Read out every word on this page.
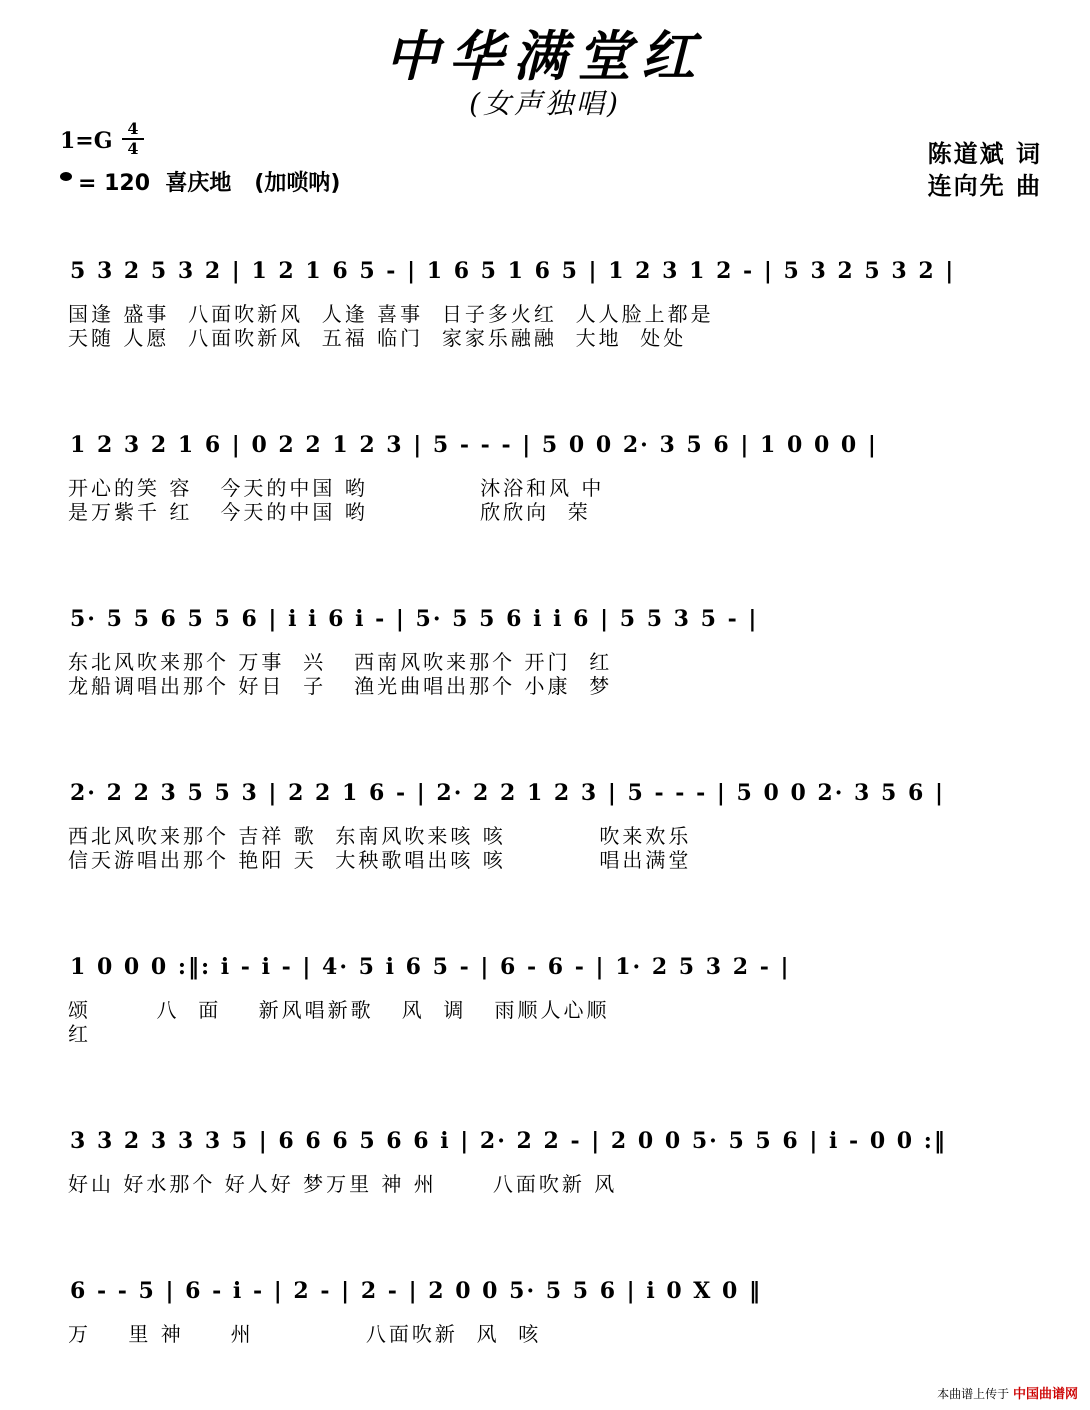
中华满堂红
(女声独唱)
$1=G \frac{4}{4}$
= 120  喜庆地   (加唢呐)
陈道斌 词
连向先 曲
5 3 2 5 3 2 | 1 2 1 6 5 - | 1 6 5 1 6 5 | 1 2 3 1 2 - | 5 3 2 5 3 2 |
国逢 盛事  八面吹新风  人逢 喜事  日子多火红  人人脸上都是
天随 人愿  八面吹新风  五福 临门  家家乐融融  大地  处处
1 2 3 2 1 6 | 0 2 2 1 2 3 | 5 - - - | 5 0 0 2· 3 5 6 | 1 0 0 0 |
开心的笑 容   今天的中国 哟            沐浴和风 中
是万紫千 红   今天的中国 哟            欣欣向  荣
5· 5 5 6 5 5 6 | i i 6 i - | 5· 5 5 6 i i 6 | 5 5 3 5 - |
东北风吹来那个 万事  兴   西南风吹来那个 开门  红
龙船调唱出那个 好日  子   渔光曲唱出那个 小康  梦
2· 2 2 3 5 5 3 | 2 2 1 6 - | 2· 2 2 1 2 3 | 5 - - - | 5 0 0 2· 3 5 6 |
西北风吹来那个 吉祥 歌  东南风吹来咳 咳          吹来欢乐
信天游唱出那个 艳阳 天  大秧歌唱出咳 咳          唱出满堂
1 0 0 0 :‖: i - i - | 4· 5 i 6 5 - | 6 - 6 - | 1· 2 5 3 2 - |
颂       八  面    新风唱新歌   风  调   雨顺人心顺
红
3 3 2 3 3 3 5 | 6 6 6 5 6 6 i | 2· 2 2 - | 2 0 0 5· 5 5 6 | i - 0 0 :‖
好山 好水那个 好人好 梦万里 神 州      八面吹新 风
6 - - 5 | 6 - i - | 2 - | 2 - | 2 0 0 5· 5 5 6 | i 0 X 0 ‖
万    里 神     州            八面吹新  风  咳
本曲谱上传于 中国曲谱网
